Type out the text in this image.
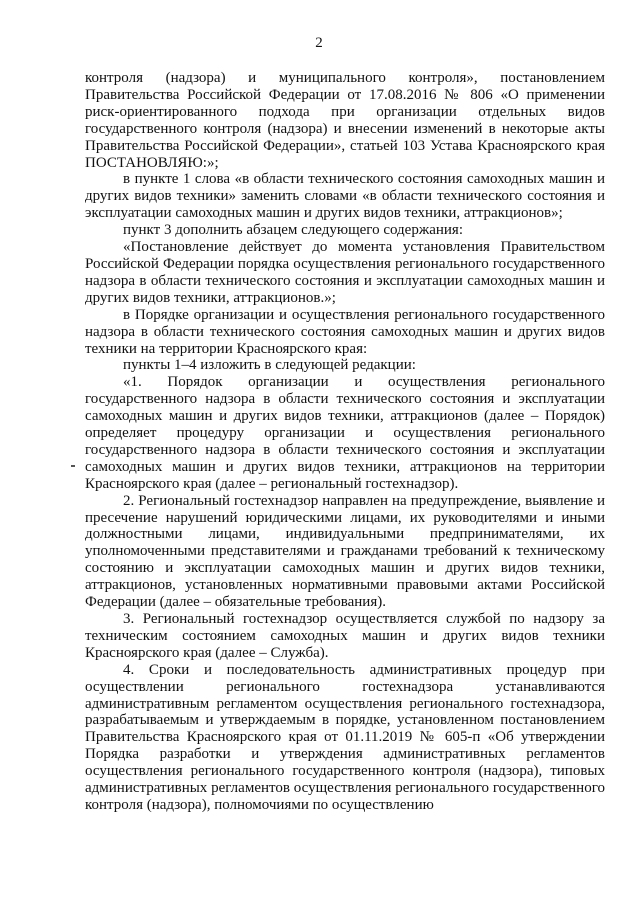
2

контроля (надзора) и муниципального контроля», постановлением Правительства Российской Федерации от 17.08.2016 № 806 «О применении риск-ориентированного подхода при организации отдельных видов государственного контроля (надзора) и внесении изменений в некоторые акты Правительства Российской Федерации», статьей 103 Устава Красноярского края ПОСТАНОВЛЯЮ:»;

в пункте 1 слова «в области технического состояния самоходных машин и других видов техники» заменить словами «в области технического состояния и эксплуатации самоходных машин и других видов техники, аттракционов»;

пункт 3 дополнить абзацем следующего содержания:

«Постановление действует до момента установления Правительством Российской Федерации порядка осуществления регионального государственного надзора в области технического состояния и эксплуатации самоходных машин и других видов техники, аттракционов.»;

в Порядке организации и осуществления регионального государственного надзора в области технического состояния самоходных машин и других видов техники на территории Красноярского края:

пункты 1–4 изложить в следующей редакции:

«1. Порядок организации и осуществления регионального государственного надзора в области технического состояния и эксплуатации самоходных машин и других видов техники, аттракционов (далее – Порядок) определяет процедуру организации и осуществления регионального государственного надзора в области технического состояния и эксплуатации самоходных машин и других видов техники, аттракционов на территории Красноярского края (далее – региональный гостехнадзор).

2. Региональный гостехнадзор направлен на предупреждение, выявление и пресечение нарушений юридическими лицами, их руководителями и иными должностными лицами, индивидуальными предпринимателями, их уполномоченными представителями и гражданами требований к техническому состоянию и эксплуатации самоходных машин и других видов техники, аттракционов, установленных нормативными правовыми актами Российской Федерации (далее – обязательные требования).

3. Региональный гостехнадзор осуществляется службой по надзору за техническим состоянием самоходных машин и других видов техники Красноярского края (далее – Служба).

4. Сроки и последовательность административных процедур при осуществлении регионального гостехнадзора устанавливаются административным регламентом осуществления регионального гостехнадзора, разрабатываемым и утверждаемым в порядке, установленном постановлением Правительства Красноярского края от 01.11.2019 № 605-п «Об утверждении Порядка разработки и утверждения административных регламентов осуществления регионального государственного контроля (надзора), типовых административных регламентов осуществления регионального государственного контроля (надзора), полномочиями по осуществлению
